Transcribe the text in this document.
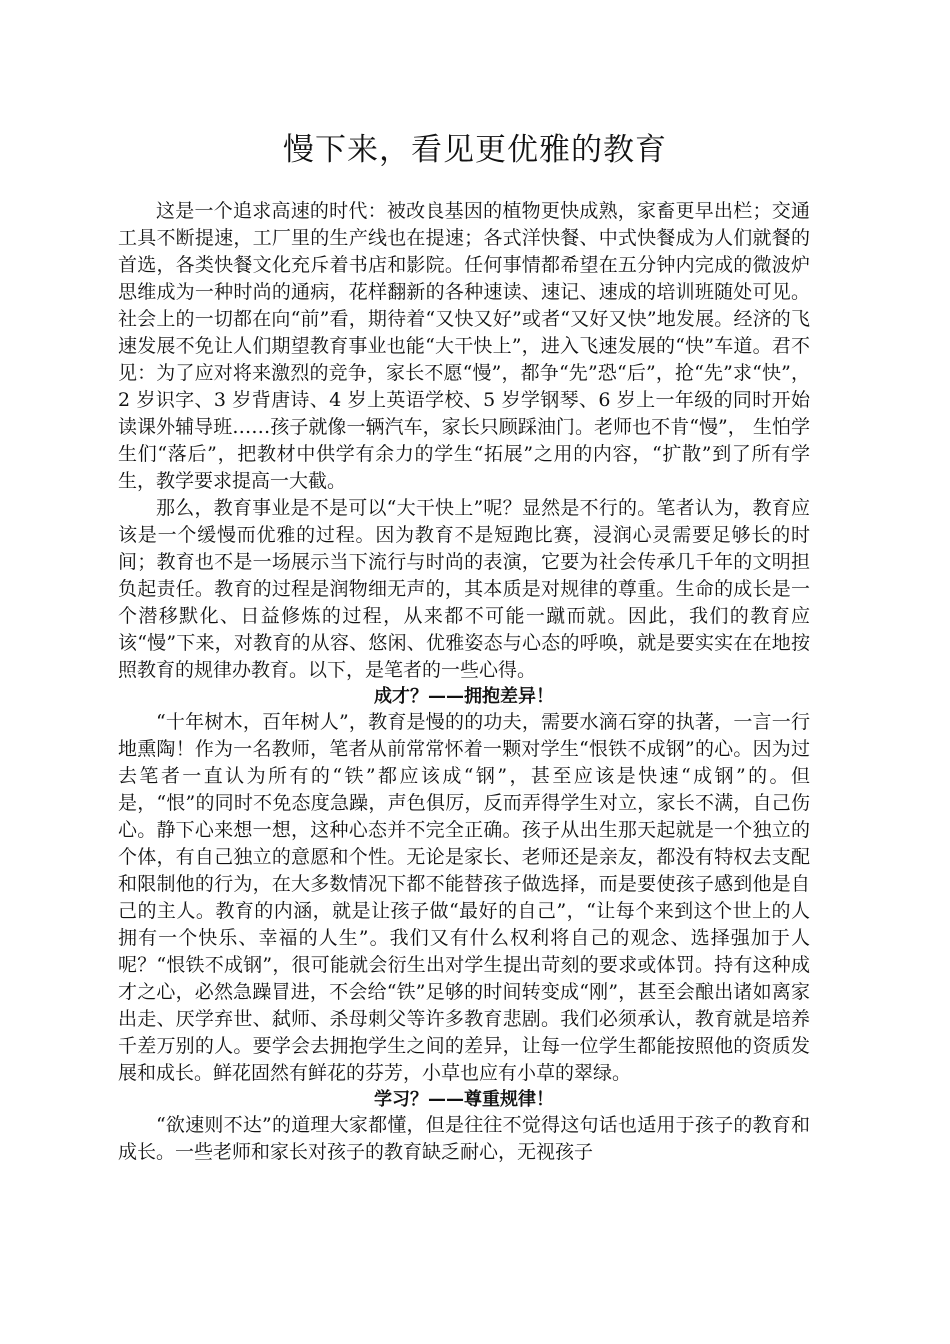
慢下来，看见更优雅的教育

这是一个追求高速的时代：被改良基因的植物更快成熟，家畜更早出栏；交通工具不断提速，工厂里的生产线也在提速；各式洋快餐、中式快餐成为人们就餐的首选，各类快餐文化充斥着书店和影院。任何事情都希望在五分钟内完成的微波炉思维成为一种时尚的通病，花样翻新的各种速读、速记、速成的培训班随处可见。社会上的一切都在向“前”看，期待着“又快又好”或者“又好又快”地发展。经济的飞速发展不免让人们期望教育事业也能“大干快上”，进入飞速发展的“快”车道。君不见：为了应对将来激烈的竞争，家长不愿“慢”，都争“先”恐“后”，抢“先”求“快”，2 岁识字、3 岁背唐诗、4 岁上英语学校、5 岁学钢琴、6 岁上一年级的同时开始读课外辅导班……孩子就像一辆汽车，家长只顾踩油门。老师也不肯“慢”， 生怕学生们“落后”，把教材中供学有余力的学生“拓展”之用的内容，“扩散”到了所有学生，教学要求提高一大截。

那么，教育事业是不是可以“大干快上”呢？显然是不行的。笔者认为，教育应该是一个缓慢而优雅的过程。因为教育不是短跑比赛，浸润心灵需要足够长的时间；教育也不是一场展示当下流行与时尚的表演，它要为社会传承几千年的文明担负起责任。教育的过程是润物细无声的，其本质是对规律的尊重。生命的成长是一个潜移默化、日益修炼的过程，从来都不可能一蹴而就。因此，我们的教育应该“慢”下来，对教育的从容、悠闲、优雅姿态与心态的呼唤，就是要实实在在地按照教育的规律办教育。以下，是笔者的一些心得。

成才？——拥抱差异！

“十年树木，百年树人”，教育是慢的的功夫，需要水滴石穿的执著，一言一行地熏陶！作为一名教师，笔者从前常常怀着一颗对学生“恨铁不成钢”的心。因为过去笔者一直认为所有的“铁”都应该成“钢”，甚至应该是快速“成钢”的。但是，“恨”的同时不免态度急躁，声色俱厉，反而弄得学生对立，家长不满，自己伤心。静下心来想一想，这种心态并不完全正确。孩子从出生那天起就是一个独立的个体，有自己独立的意愿和个性。无论是家长、老师还是亲友，都没有特权去支配和限制他的行为，在大多数情况下都不能替孩子做选择，而是要使孩子感到他是自己的主人。教育的内涵，就是让孩子做“最好的自己”，“让每个来到这个世上的人拥有一个快乐、幸福的人生”。我们又有什么权利将自己的观念、选择强加于人呢？“恨铁不成钢”，很可能就会衍生出对学生提出苛刻的要求或体罚。持有这种成才之心，必然急躁冒进，不会给“铁”足够的时间转变成“刚”，甚至会酿出诸如离家出走、厌学弃世、弑师、杀母刺父等许多教育悲剧。我们必须承认，教育就是培养千差万别的人。要学会去拥抱学生之间的差异，让每一位学生都能按照他的资质发展和成长。鲜花固然有鲜花的芬芳，小草也应有小草的翠绿。

学习？——尊重规律！

“欲速则不达”的道理大家都懂，但是往往不觉得这句话也适用于孩子的教育和成长。一些老师和家长对孩子的教育缺乏耐心，无视孩子
